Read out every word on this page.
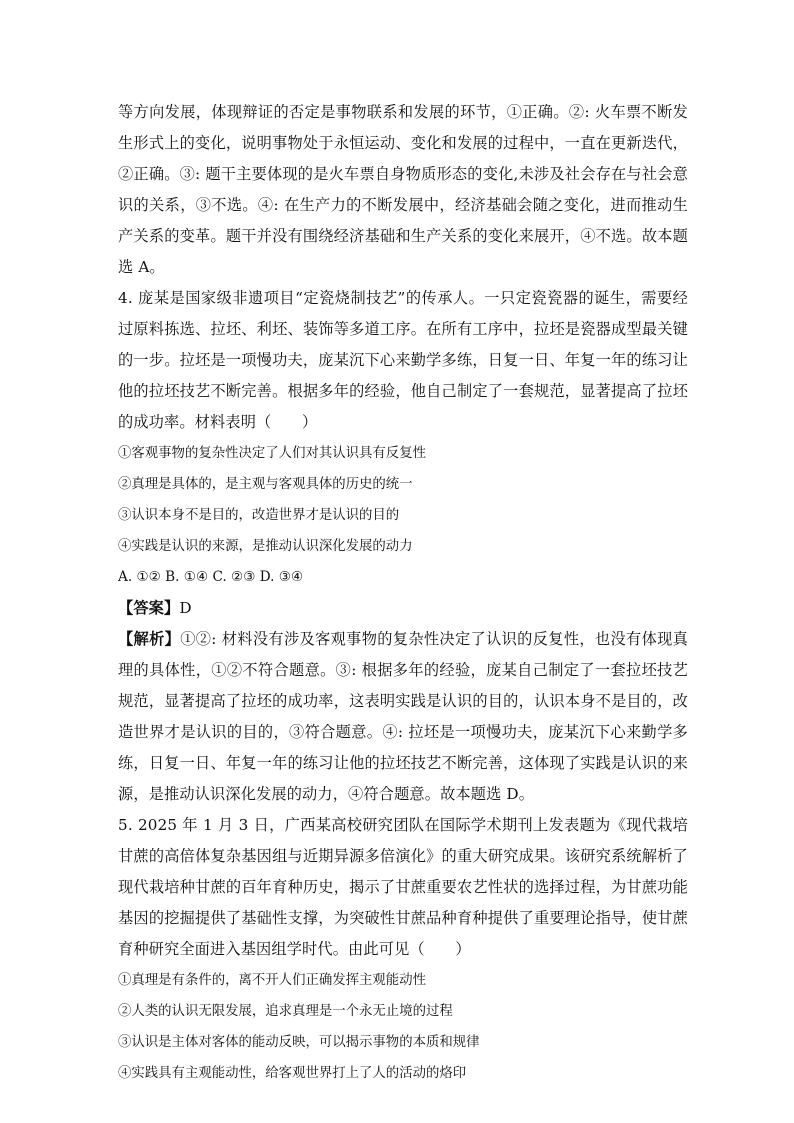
等方向发展，体现辩证的否定是事物联系和发展的环节，①正确。②: 火车票不断发生形式上的变化，说明事物处于永恒运动、变化和发展的过程中，一直在更新迭代，②正确。③: 题干主要体现的是火车票自身物质形态的变化,未涉及社会存在与社会意识的关系，③不选。④: 在生产力的不断发展中，经济基础会随之变化，进而推动生产关系的变革。题干并没有围绕经济基础和生产关系的变化来展开，④不选。故本题选 A。

4. 庞某是国家级非遗项目“定瓷烧制技艺”的传承人。一只定瓷瓷器的诞生，需要经过原料拣选、拉坯、利坯、装饰等多道工序。在所有工序中，拉坯是瓷器成型最关键的一步。拉坯是一项慢功夫，庞某沉下心来勤学多练，日复一日、年复一年的练习让他的拉坯技艺不断完善。根据多年的经验，他自己制定了一套规范，显著提高了拉坯的成功率。材料表明（　　）

①客观事物的复杂性决定了人们对其认识具有反复性

②真理是具体的，是主观与客观具体的历史的统一

③认识本身不是目的，改造世界才是认识的目的

④实践是认识的来源，是推动认识深化发展的动力

A. ①② B. ①④ C. ②③ D. ③④

【答案】D

【解析】①②: 材料没有涉及客观事物的复杂性决定了认识的反复性，也没有体现真理的具体性，①②不符合题意。③: 根据多年的经验，庞某自己制定了一套拉坯技艺规范，显著提高了拉坯的成功率，这表明实践是认识的目的，认识本身不是目的，改造世界才是认识的目的，③符合题意。④: 拉坯是一项慢功夫，庞某沉下心来勤学多练，日复一日、年复一年的练习让他的拉坯技艺不断完善，这体现了实践是认识的来源，是推动认识深化发展的动力，④符合题意。故本题选 D。

5. 2025 年 1 月 3 日，广西某高校研究团队在国际学术期刊上发表题为《现代栽培甘蔗的高倍体复杂基因组与近期异源多倍演化》的重大研究成果。该研究系统解析了现代栽培种甘蔗的百年育种历史，揭示了甘蔗重要农艺性状的选择过程，为甘蔗功能基因的挖掘提供了基础性支撑，为突破性甘蔗品种育种提供了重要理论指导，使甘蔗育种研究全面进入基因组学时代。由此可见（　　）

①真理是有条件的，离不开人们正确发挥主观能动性

②人类的认识无限发展，追求真理是一个永无止境的过程

③认识是主体对客体的能动反映，可以揭示事物的本质和规律

④实践具有主观能动性，给客观世界打上了人的活动的烙印
